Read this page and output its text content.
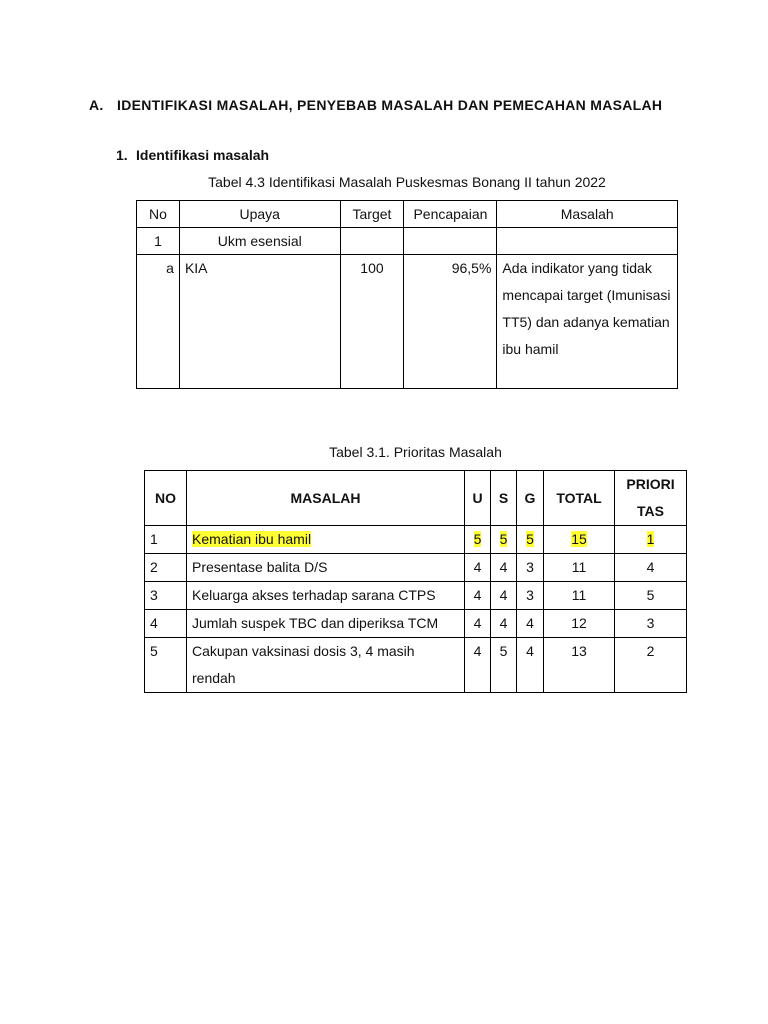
A. IDENTIFIKASI MASALAH, PENYEBAB MASALAH DAN PEMECAHAN MASALAH
1. Identifikasi masalah
Tabel 4.3 Identifikasi Masalah Puskesmas Bonang II tahun 2022
No	Upaya	Target	Pencapaian	Masalah
1	Ukm esensial			
a	KIA	100	96,5%	Ada indikator yang tidak mencapai target (Imunisasi TT5) dan adanya kematian ibu hamil
Tabel 3.1. Prioritas Masalah
NO	MASALAH	U	S	G	TOTAL	PRIORI TAS
1	Kematian ibu hamil	5	5	5	15	1
2	Presentase balita D/S	4	4	3	11	4
3	Keluarga akses terhadap sarana CTPS	4	4	3	11	5
4	Jumlah suspek TBC dan diperiksa TCM	4	4	4	12	3
5	Cakupan vaksinasi dosis 3, 4 masih rendah	4	5	4	13	2
